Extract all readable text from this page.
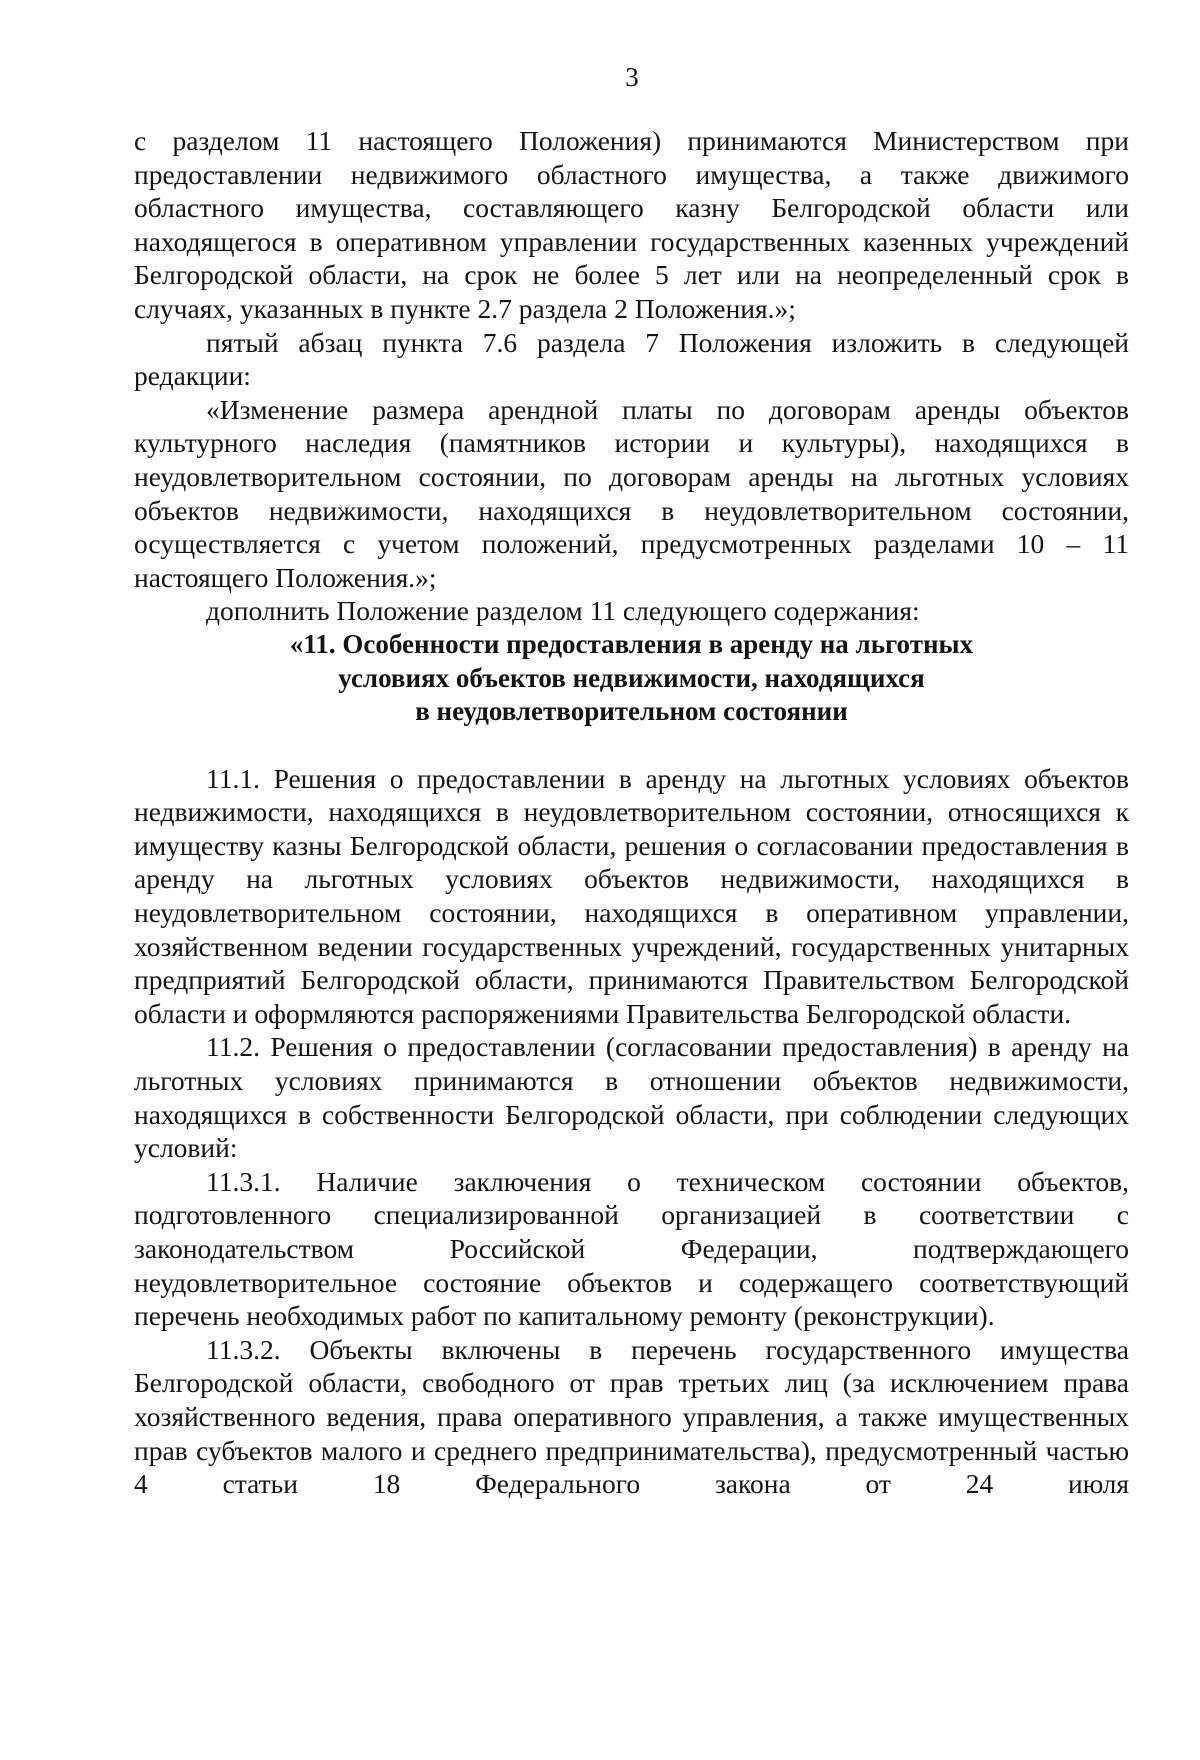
3

с разделом 11 настоящего Положения) принимаются Министерством при предоставлении недвижимого областного имущества, а также движимого областного имущества, составляющего казну Белгородской области или находящегося в оперативном управлении государственных казенных учреждений Белгородской области, на срок не более 5 лет или на неопределенный срок в случаях, указанных в пункте 2.7 раздела 2 Положения.»;

пятый абзац пункта 7.6 раздела 7 Положения изложить в следующей редакции:

«Изменение размера арендной платы по договорам аренды объектов культурного наследия (памятников истории и культуры), находящихся в неудовлетворительном состоянии, по договорам аренды на льготных условиях объектов недвижимости, находящихся в неудовлетворительном состоянии, осуществляется с учетом положений, предусмотренных разделами 10 – 11 настоящего Положения.»;

дополнить Положение разделом 11 следующего содержания:

«11. Особенности предоставления в аренду на льготных
условиях объектов недвижимости, находящихся
в неудовлетворительном состоянии

11.1. Решения о предоставлении в аренду на льготных условиях объектов недвижимости, находящихся в неудовлетворительном состоянии, относящихся к имуществу казны Белгородской области, решения о согласовании предоставления в аренду на льготных условиях объектов недвижимости, находящихся в неудовлетворительном состоянии, находящихся в оперативном управлении, хозяйственном ведении государственных учреждений, государственных унитарных предприятий Белгородской области, принимаются Правительством Белгородской области и оформляются распоряжениями Правительства Белгородской области.

11.2. Решения о предоставлении (согласовании предоставления) в аренду на льготных условиях принимаются в отношении объектов недвижимости, находящихся в собственности Белгородской области, при соблюдении следующих условий:

11.3.1. Наличие заключения о техническом состоянии объектов, подготовленного специализированной организацией в соответствии с законодательством Российской Федерации, подтверждающего неудовлетворительное состояние объектов и содержащего соответствующий перечень необходимых работ по капитальному ремонту (реконструкции).

11.3.2. Объекты включены в перечень государственного имущества Белгородской области, свободного от прав третьих лиц (за исключением права хозяйственного ведения, права оперативного управления, а также имущественных прав субъектов малого и среднего предпринимательства), предусмотренный частью 4 статьи 18 Федерального закона от 24 июля
